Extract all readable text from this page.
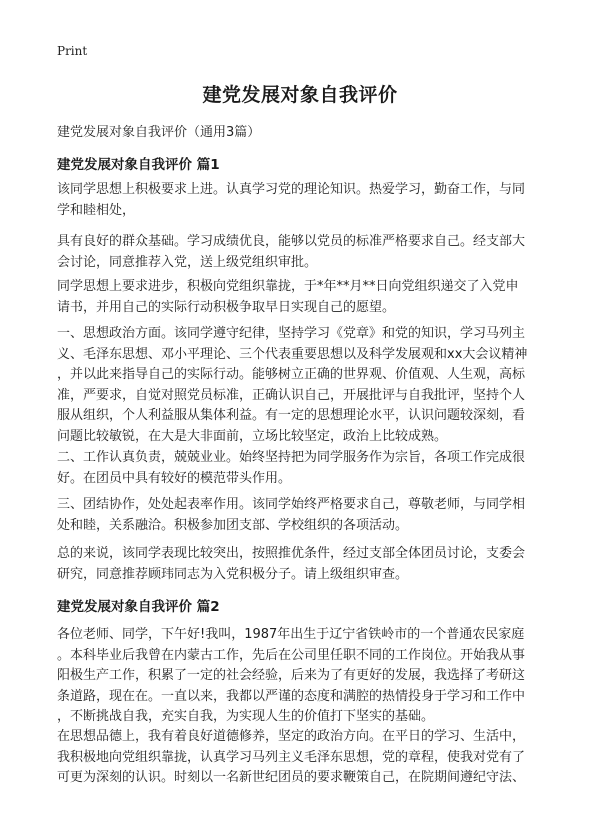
Print
建党发展对象自我评价

建党发展对象自我评价（通用3篇）

建党发展对象自我评价 篇1

该同学思想上积极要求上进。认真学习党的理论知识。热爱学习，勤奋工作，与同
学和睦相处，

具有良好的群众基础。学习成绩优良，能够以党员的标准严格要求自己。经支部大
会讨论，同意推荐入党，送上级党组织审批。

同学思想上要求进步，积极向党组织靠拢，于*年**月**日向党组织递交了入党申
请书，并用自己的实际行动积极争取早日实现自己的愿望。

一、思想政治方面。该同学遵守纪律，坚持学习《党章》和党的知识，学习马列主
义、毛泽东思想、邓小平理论、三个代表重要思想以及科学发展观和xx大会议精神
，并以此来指导自己的实际行动。能够树立正确的世界观、价值观、人生观，高标
准，严要求，自觉对照党员标准，正确认识自己，开展批评与自我批评，坚持个人
服从组织，个人利益服从集体利益。有一定的思想理论水平，认识问题较深刻，看
问题比较敏锐，在大是大非面前，立场比较坚定，政治上比较成熟。

二、工作认真负责，兢兢业业。始终坚持把为同学服务作为宗旨，各项工作完成很
好。在团员中具有较好的模范带头作用。

三、团结协作，处处起表率作用。该同学始终严格要求自己，尊敬老师，与同学相
处和睦，关系融洽。积极参加团支部、学校组织的各项活动。

总的来说，该同学表现比较突出，按照推优条件，经过支部全体团员讨论，支委会
研究，同意推荐顾玮同志为入党积极分子。请上级组织审查。

建党发展对象自我评价 篇2

各位老师、同学，下午好!我叫，1987年出生于辽宁省铁岭市的一个普通农民家庭
。本科毕业后我曾在内蒙古工作，先后在公司里任职不同的工作岗位。开始我从事
阳极生产工作，积累了一定的社会经验，后来为了有更好的发展，我选择了考研这
条道路，现在在。一直以来，我都以严谨的态度和满腔的热情投身于学习和工作中
，不断挑战自我，充实自我，为实现人生的价值打下坚实的基础。

在思想品德上，我有着良好道德修养，坚定的政治方向。在平日的学习、生活中，
我积极地向党组织靠拢，认真学习马列主义毛泽东思想，党的章程，使我对党有了
可更为深刻的认识。时刻以一名新世纪团员的要求鞭策自己，在院期间遵纪守法、
